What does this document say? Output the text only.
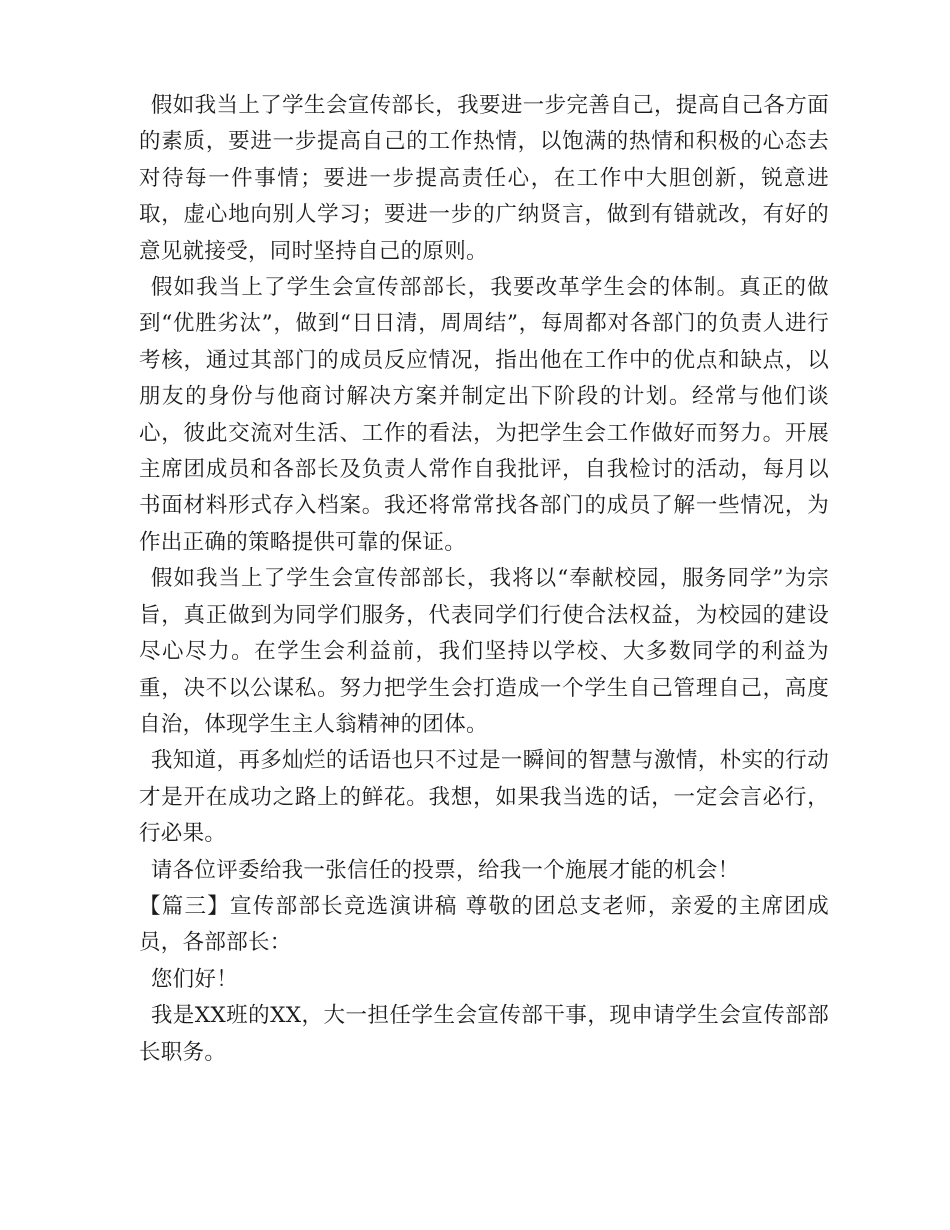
假如我当上了学生会宣传部长，我要进一步完善自己，提高自己各方面的素质，要进一步提高自己的工作热情，以饱满的热情和积极的心态去对待每一件事情；要进一步提高责任心，在工作中大胆创新，锐意进取，虚心地向别人学习；要进一步的广纳贤言，做到有错就改，有好的意见就接受，同时坚持自己的原则。

假如我当上了学生会宣传部部长，我要改革学生会的体制。真正的做到“优胜劣汰”，做到“日日清，周周结”，每周都对各部门的负责人进行考核，通过其部门的成员反应情况，指出他在工作中的优点和缺点，以朋友的身份与他商讨解决方案并制定出下阶段的计划。经常与他们谈心，彼此交流对生活、工作的看法，为把学生会工作做好而努力。开展主席团成员和各部长及负责人常作自我批评，自我检讨的活动，每月以书面材料形式存入档案。我还将常常找各部门的成员了解一些情况，为作出正确的策略提供可靠的保证。

假如我当上了学生会宣传部部长，我将以“奉献校园，服务同学”为宗旨，真正做到为同学们服务，代表同学们行使合法权益，为校园的建设尽心尽力。在学生会利益前，我们坚持以学校、大多数同学的利益为重，决不以公谋私。努力把学生会打造成一个学生自己管理自己，高度自治，体现学生主人翁精神的团体。

我知道，再多灿烂的话语也只不过是一瞬间的智慧与激情，朴实的行动才是开在成功之路上的鲜花。我想，如果我当选的话，一定会言必行，行必果。

请各位评委给我一张信任的投票，给我一个施展才能的机会！

【篇三】宣传部部长竞选演讲稿 尊敬的团总支老师，亲爱的主席团成员，各部部长：

您们好！

我是XX班的XX，大一担任学生会宣传部干事，现申请学生会宣传部部长职务。
